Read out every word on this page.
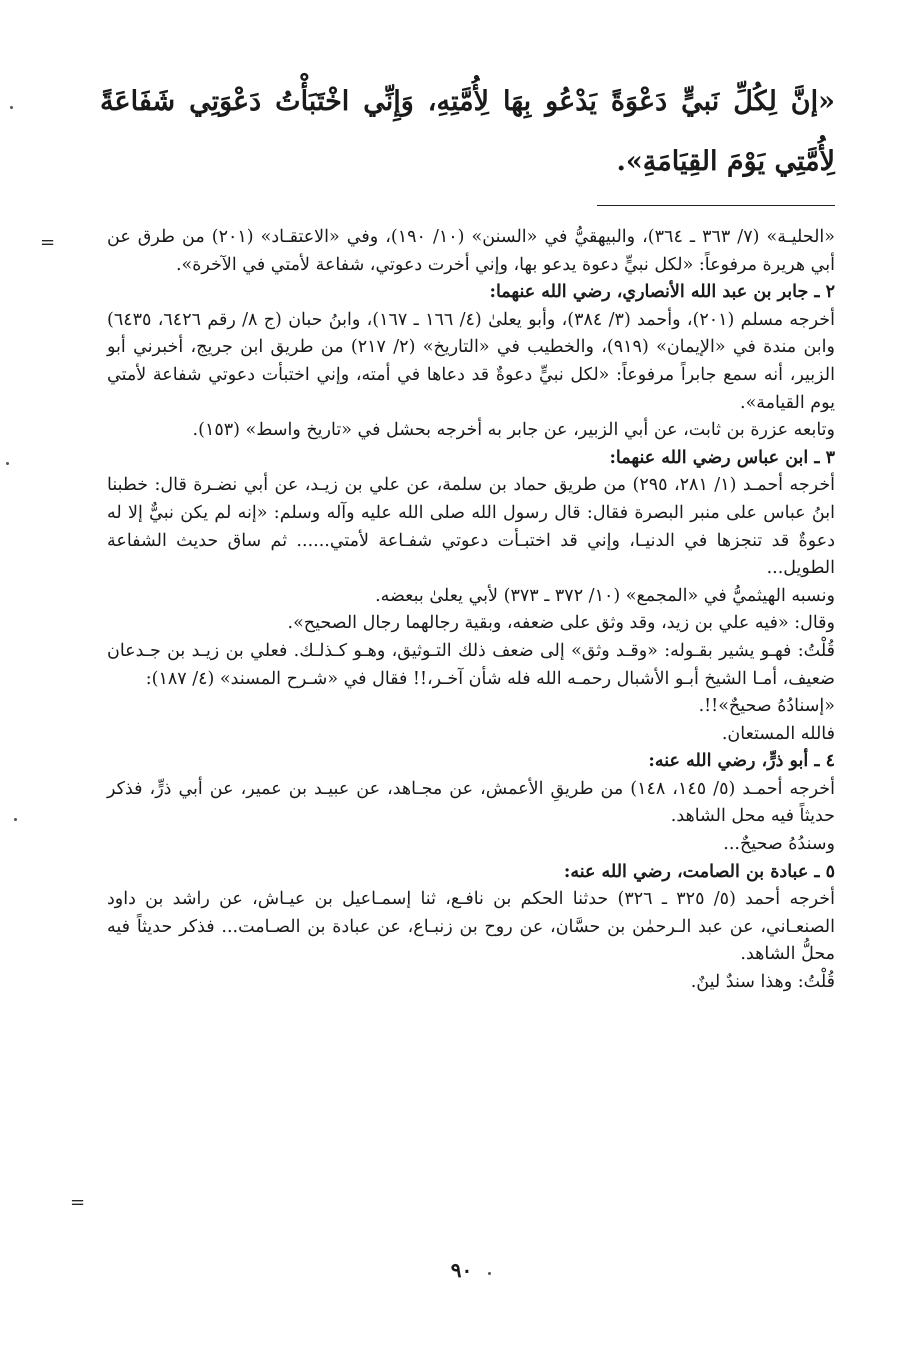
«إنَّ لِكُلِّ نَبيٍّ دَعْوَةً يَدْعُو بِهَا لِأُمَّتِهِ، وَإِنِّي اخْتَبَأْتُ دَعْوَتِي شَفَاعَةً لِأُمَّتِي يَوْمَ القِيَامَةِ».

=	«الحليـة» (٧/ ٣٦٣ ـ ٣٦٤)، والبيهقيُّ في «السنن» (١٠/ ١٩٠)، وفي «الاعتقـاد» (٢٠١) من طرق عن أبي هريرة مرفوعاً: «لكل نبيٍّ دعوة يدعو بها، وإني أخرت دعوتي، شفاعة لأمتي في الآخرة».

٢ ـ جابر بن عبد الله الأنصاري، رضي الله عنهما:

أخرجه مسلم (٢٠١)، وأحمد (٣/ ٣٨٤)، وأبو يعلىٰ (٤/ ١٦٦ ـ ١٦٧)، وابنُ حبان (ج ٨/ رقم ٦٤٢٦، ٦٤٣٥) وابن مندة في «الإيمان» (٩١٩)، والخطيب في «التاريخ» (٢/ ٢١٧) من طريق ابن جريج، أخبرني أبو الزبير، أنه سمع جابراً مرفوعاً: «لكل نبيٍّ دعوةٌ قد دعاها في أمته، وإني اختبأت دعوتي شفاعة لأمتي يوم القيامة».

وتابعه عزرة بن ثابت، عن أبي الزبير، عن جابر به أخرجه بحشل في «تاريخ واسط» (١٥٣).

٣ ـ ابن عباس رضي الله عنهما:

أخرجه أحمـد (١/ ٢٨١، ٢٩٥) من طريق حماد بن سلمة، عن علي بن زيـد، عن أبي نضـرة قال: خطبنا ابنُ عباس على منبر البصرة فقال: قال رسول الله صلى الله عليه وآله وسلم: «إنه لم يكن نبيٌّ إلا له دعوةٌ قد تنجزها في الدنيـا، وإني قد اختبـأت دعوتي شفـاعة لأمتي...... ثم ساق حديث الشفاعة الطويل...

ونسبه الهيثميُّ في «المجمع» (١٠/ ٣٧٢ ـ ٣٧٣) لأبي يعلىٰ ببعضه.

وقال: «فيه علي بن زيد، وقد وثق على ضعفه، وبقية رجالهما رجال الصحيح».

قُلْتُ: فهـو يشير بقـوله: «وقـد وثق» إلى ضعف ذلك التـوثيق، وهـو كـذلـك. فعلي بن زيـد بن جـدعان ضعيف، أمـا الشيخ أبـو الأشبال رحمـه الله فله شأن آخـر،!! فقال في «شـرح المسند» (٤/ ١٨٧):

«إسنادُهُ صحيحٌ»!!.

فالله المستعان.

٤ ـ أبو ذرٍّ، رضي الله عنه:

أخرجه أحمـد (٥/ ١٤٥، ١٤٨) من طريقِ الأعمش، عن مجـاهد، عن عبيـد بن عمير، عن أبي ذرٍّ، فذكر حديثاً فيه محل الشاهد.

وسندُهُ صحيحٌ...

٥ ـ عبادة بن الصامت، رضي الله عنه:

أخرجه أحمد (٥/ ٣٢٥ ـ ٣٢٦) حدثنا الحكم بن نافـع، ثنا إسمـاعيل بن عيـاش، عن راشد بن داود الصنعـاني، عن عبد الـرحمٰن بن حسَّان، عن روح بن زنبـاع، عن عبادة بن الصـامت... فذكر حديثاً فيه محلُّ الشاهد.

قُلْتُ: وهذا سندٌ لينٌ.

=
٩٠
